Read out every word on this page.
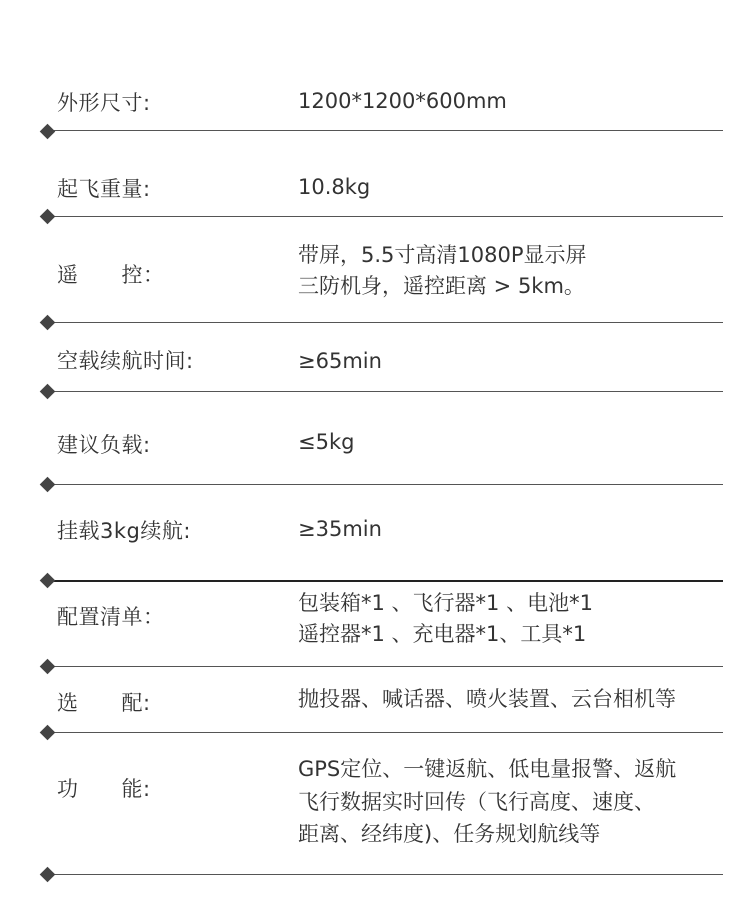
外形尺寸:	1200*1200*600mm
起飞重量:	10.8kg
遥　　控：
带屏，5.5寸高清1080P显示屏
三防机身，遥控距离 > 5km。
空载续航时间:	≥65min
建议负载:	≤5kg
挂载3kg续航:	≥35min
配置清单：
包装箱*1 、飞行器*1 、电池*1
遥控器*1 、充电器*1、工具*1
选　　配:	抛投器、喊话器、喷火装置、云台相机等
功　　能:
GPS定位、一键返航、低电量报警、返航
飞行数据实时回传（飞行高度、速度、
距离、经纬度)、任务规划航线等
